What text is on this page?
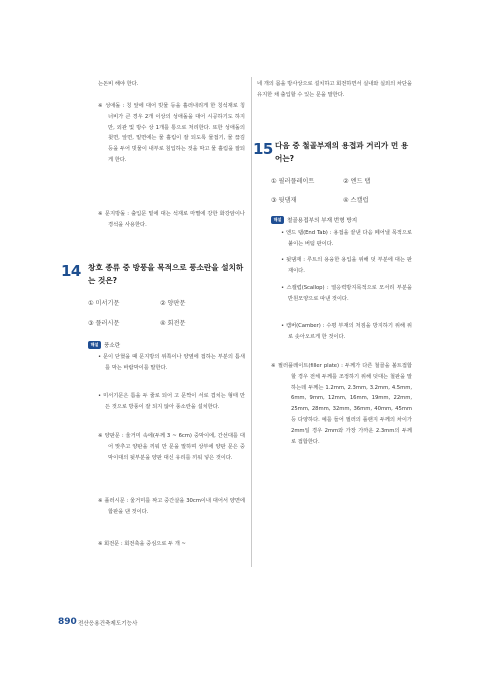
는돈비 해야 한다.

※ 성애돌 : 칭 앞에 대어 빗물 등을 흘러내리게 한 칭석재로 칭 너비가 큰 경우 2개 이상의 성애돌을 대어 시공하기도 하지만, 외관 및 방수 상 1개를 통으로 처리한다. 또한 성애돌의 윗면, 앞면, 밑면에는 물 흘림이 잘 되도록 물접기, 물 끊김 등을 두어 빗물이 내부로 침입하는 것을 막고 물 흘림을 잘되게 한다.

※ 문지방돌 : 출입문 밑에 대는 석재로 마멸에 강한 화강암이나 경석을 사용한다.

14 창호 종류 중 방풍을 목적으로 풍소란을 설치하는 것은?

① 미서기문	② 양판문
③ 플러시문	④ 회전문
해설	풍소란

• 문이 닫혔을 때 문지방의 위쪽이나 양옆에 접하는 부분의 틈새를 막는 바람막이를 말한다.

• 미서기문은 틈을 두 줄로 되어 고 문짝이 서로 겹치는 형태 만든 것으로 방풍이 잘 되지 않아 풍소란을 설치한다.

※ 양판문 : 울거미 속에(두께 3 ~ 6cm) 중막이에, 간선대를 대어 맞추고 양판을 끼워 만 문을 말하며 상부에 양판 문은 중막이대의 뒷부분을 양판 대신 유리를 끼워 넣은 것이다.

※ 플러시문 : 울거미를 짜고 중간살을 30cm이내 대어서 양면에 합판을 댄 것이다.

※ 회전문 : 회전축을 중심으로 두 개 ~

네 개의 몸을 방사상으로 설치하고 회전하면서 실내와 실외의 차단을 유지한 채 출입할 수 있는 문을 말한다.

15 다음 중 철골부재의 용접과 거리가 먼 용어는?

① 필러플레이트	② 엔드 탭
③ 뒷댐재	④ 스캘럽
해설	철골용접부의 부재 번형 방지

• 엔드 탭(End Tab) : 용접을 끝낸 다음 떼어낼 목적으로 붙이는 버팀 판이다.

• 뒷댐재 : 루트의 용융한 용입을 위해 덧 부분에 대는 판재이다.

• 스캘럽(Scallop) : 열응력방지목적으로 모서리 부분을 반원모양으로 따낸 것이다.

• 캠버(Camber) : 수평 부재의 처짐을 방지하기 위해 위로 솟아오르게 한 것이다.

※ 필러플레이트(filler plate) : 두께가 다른 철골을 볼트접합 할 경우 전체 두께를 조정하기 위해 덧대는 철판을 말하는데 두께는 1.2mm, 2.3mm, 3.2mm, 4.5mm, 6mm, 9mm, 12mm, 16mm, 19mm, 22mm, 25mm, 28mm, 32mm, 36mm, 40mm, 45mm 등 다양하다. 예를 들어 필러의 플랜지 두께의 차이가 2mm일 경우 2mm와 가장 가까운 2.3mm의 두께로 접합한다.

890 전산응용건축제도기능사
